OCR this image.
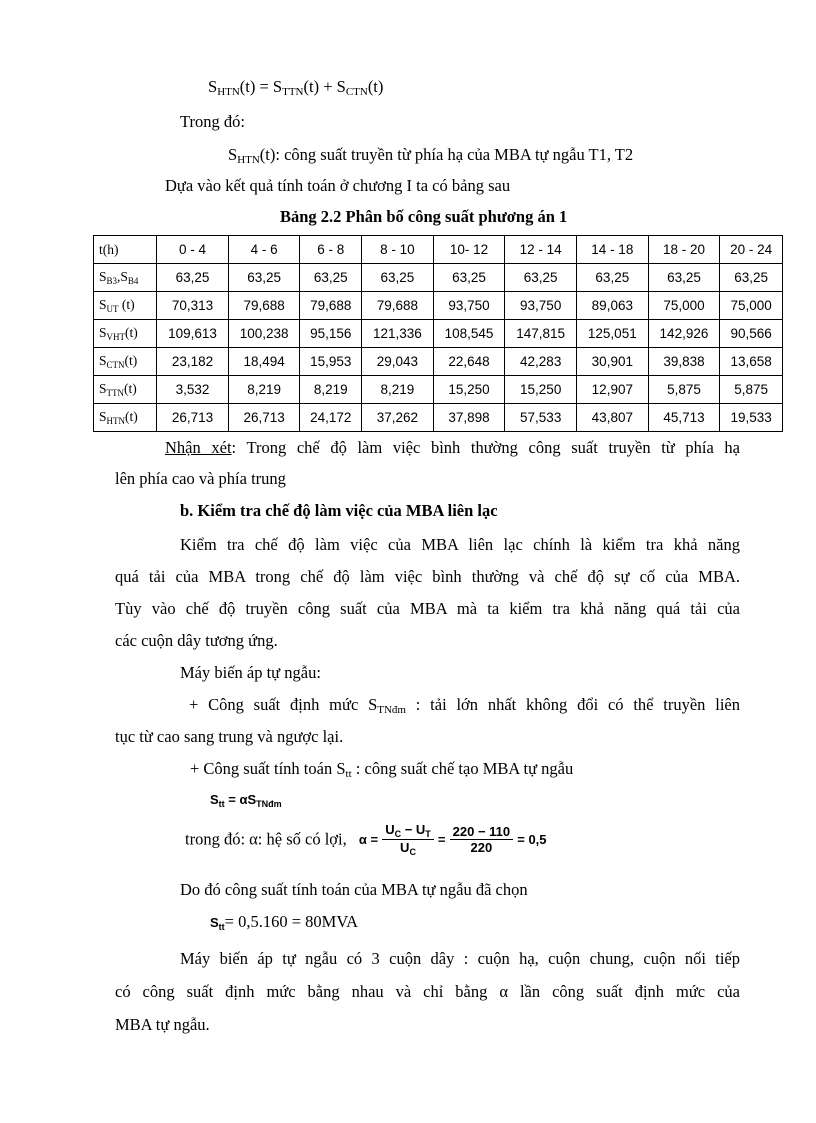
$S_{HTN}(t) = S_{TTN}(t) + S_{CTN}(t)$
Trong đó:
$S_{HTN}(t)$: công suất truyền từ phía hạ của MBA tự ngẫu T1, T2
Dựa vào kết quả tính toán ở chương I ta có bảng sau
Bảng 2.2 Phân bố công suất phương án 1
t(h)	0 - 4	4 - 6	6 - 8	8 - 10	10- 12	12 - 14	14 - 18	18 - 20	20 - 24
$S_{B3},S_{B4}$	63,25	63,25	63,25	63,25	63,25	63,25	63,25	63,25	63,25
$S_{UT}$ (t)	70,313	79,688	79,688	79,688	93,750	93,750	89,063	75,000	75,000
$S_{VHT}(t)$	109,613	100,238	95,156	121,336	108,545	147,815	125,051	142,926	90,566
$S_{CTN}(t)$	23,182	18,494	15,953	29,043	22,648	42,283	30,901	39,838	13,658
$S_{TTN}(t)$	3,532	8,219	8,219	8,219	15,250	15,250	12,907	5,875	5,875
$S_{HTN}(t)$	26,713	26,713	24,172	37,262	37,898	57,533	43,807	45,713	19,533
Nhận xét: Trong chế độ làm việc bình thường công suất truyền từ phía hạ
lên phía cao và phía trung
b. Kiểm tra chế độ làm việc của MBA liên lạc
Kiểm tra chế độ làm việc của MBA liên lạc chính là kiểm tra khả năng
quá tải của MBA trong chế độ làm việc bình thường và chế độ sự cố của MBA.
Tùy vào chế độ truyền công suất của MBA mà ta kiểm tra khả năng quá tải của
các cuộn dây tương ứng.
Máy biến áp tự ngẫu:
+ Công suất định mức $S_{TNđm}$ : tải lớn nhất không đổi có thể truyền liên
tục từ cao sang trung và ngược lại.
+ Công suất tính toán $S_{tt}$ : công suất chế tạo MBA tự ngẫu
$S_{tt} = \alpha S_{TNđm}$
trong đó: α: hệ số có lợi, $\alpha = \frac{U_C - U_T}{U_C} = \frac{220 - 110}{220} = 0,5$
Do đó công suất tính toán của MBA tự ngẫu đã chọn
$S_{tt}= 0,5.160 = 80MVA$
Máy biến áp tự ngẫu có 3 cuộn dây : cuộn hạ, cuộn chung, cuộn nối tiếp
có công suất định mức bằng nhau và chỉ bằng α lần công suất định mức của
MBA tự ngẫu.
